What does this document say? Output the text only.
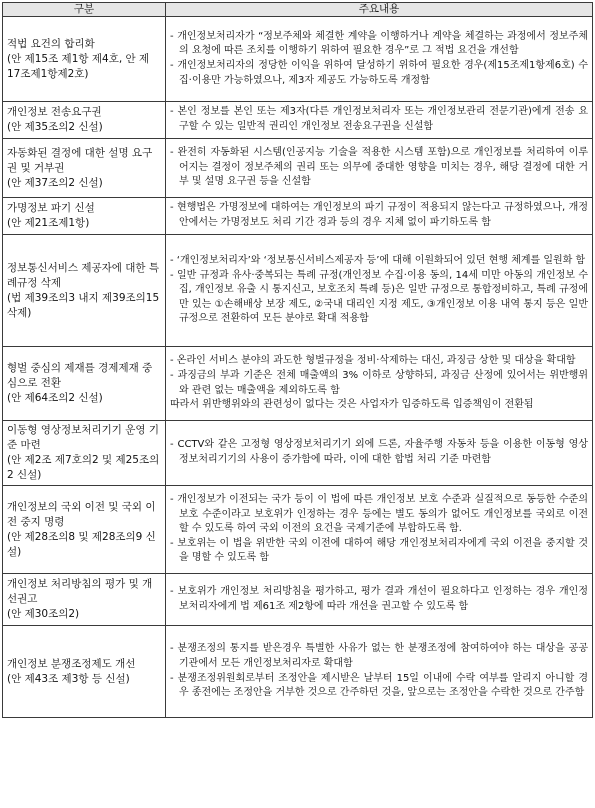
구분	주요내용

적법 요건의 합리화
(안 제15조 제1항 제4호, 안 제17조제1항제2호)	- 개인정보처리자가 “정보주체와 체결한 계약을 이행하거나 계약을 체결하는 과정에서 정보주체의 요청에 따른 조치를 이행하기 위하여 필요한 경우”로 그 적법 요건을 개선함
- 개인정보처리자의 정당한 이익을 위하여 달성하기 위하여 필요한 경우(제15조제1항제6호) 수집·이용만 가능하였으나, 제3자 제공도 가능하도록 개정함

개인정보 전송요구권
(안 제35조의2 신설)	- 본인 정보를 본인 또는 제3자(다른 개인정보처리자 또는 개인정보관리 전문기관)에게 전송 요구할 수 있는 일반적 권리인 개인정보 전송요구권을 신설함

자동화된 결정에 대한 설명 요구권 및 거부권
(안 제37조의2 신설)	- 완전히 자동화된 시스템(인공지능 기술을 적용한 시스템 포함)으로 개인정보를 처리하여 이루어지는 결정이 정보주체의 권리 또는 의무에 중대한 영향을 미치는 경우, 해당 결정에 대한 거부 및 설명 요구권 등을 신설함

가명정보 파기 신설
(안 제21조제1항)	- 현행법은 가명정보에 대하여는 개인정보의 파기 규정이 적용되지 않는다고 규정하였으나, 개정안에서는 가명정보도 처리 기간 경과 등의 경우 지체 없이 파기하도록 함

정보통신서비스 제공자에 대한 특례규정 삭제
(법 제39조의3 내지 제39조의15 삭제)	- ‘개인정보처리자’와 ‘정보통신서비스제공자 등’에 대해 이원화되어 있던 현행 체계를 일원화 함
- 일반 규정과 유사·중복되는 특례 규정(개인정보 수집·이용 동의, 14세 미만 아동의 개인정보 수집, 개인정보 유출 시 통지신고, 보호조치 특례 등)은 일반 규정으로 통합정비하고, 특례 규정에만 있는 ①손해배상 보장 제도, ②국내 대리인 지정 제도, ③개인정보 이용 내역 통지 등은 일반규정으로 전환하여 모든 분야로 확대 적용함

형벌 중심의 제재를 경제제재 중심으로 전환
(안 제64조의2 신설)	- 온라인 서비스 분야의 과도한 형벌규정을 정비·삭제하는 대신, 과징금 상한 및 대상을 확대함
- 과징금의 부과 기준은 전체 매출액의 3% 이하로 상향하되, 과징금 산정에 있어서는 위반행위와 관련 없는 매출액을 제외하도록 함
따라서 위반행위와의 관련성이 없다는 것은 사업자가 입증하도록 입증책임이 전환됨

이동형 영상정보처리기기 운영 기준 마련
(안 제2조 제7호의2 및 제25조의2 신설)	- CCTV와 같은 고정형 영상정보처리기기 외에 드론, 자율주행 자동차 등을 이용한 이동형 영상정보처리기기의 사용이 증가함에 따라, 이에 대한 합법 처리 기준 마련함

개인정보의 국외 이전 및 국외 이전 중지 명령
(안 제28조의8 및 제28조의9 신설)	- 개인정보가 이전되는 국가 등이 이 법에 따른 개인정보 보호 수준과 실질적으로 동등한 수준의 보호 수준이라고 보호위가 인정하는 경우 등에는 별도 동의가 없어도 개인정보를 국외로 이전할 수 있도록 하여 국외 이전의 요건을 국제기준에 부합하도록 함.
- 보호위는 이 법을 위반한 국외 이전에 대하여 해당 개인정보처리자에게 국외 이전을 중지할 것을 명할 수 있도록 함

개인정보 처리방침의 평가 및 개선권고
(안 제30조의2)	- 보호위가 개인정보 처리방침을 평가하고, 평가 결과 개선이 필요하다고 인정하는 경우 개인정보처리자에게 법 제61조 제2항에 따라 개선을 권고할 수 있도록 함

개인정보 분쟁조정제도 개선
(안 제43조 제3항 등 신설)	- 분쟁조정의 통지를 받은경우 특별한 사유가 없는 한 분쟁조정에 참여하여야 하는 대상을 공공기관에서 모든 개인정보처리자로 확대함
- 분쟁조정위원회로부터 조정안을 제시받은 날부터 15일 이내에 수락 여부를 알리지 아니할 경우 종전에는 조정안을 거부한 것으로 간주하던 것을, 앞으로는 조정안을 수락한 것으로 간주함
